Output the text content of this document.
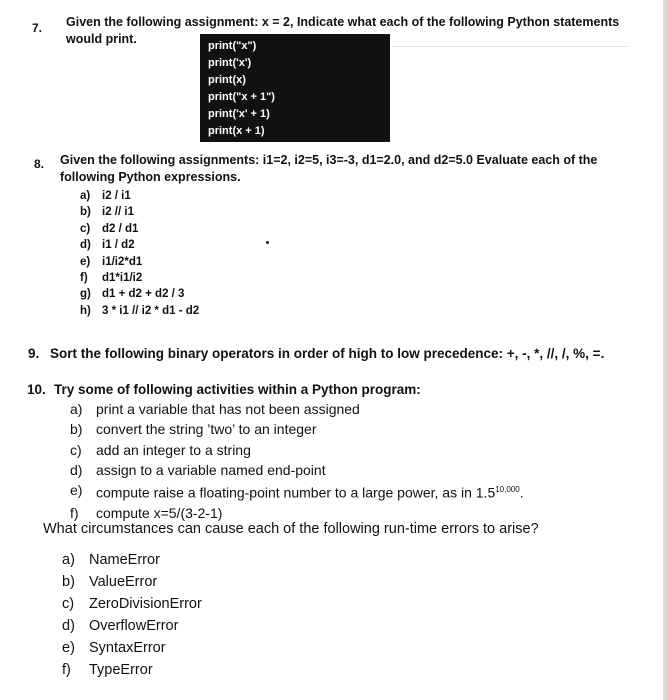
7. Given the following assignment: x = 2, Indicate what each of the following Python statements
would print.	print("x")
print('x')
print(x)
print("x + 1")
print('x' + 1)
print(x + 1)
8. Given the following assignments: i1=2, i2=5, i3=-3, d1=2.0, and d2=5.0 Evaluate each of the
following Python expressions.
a)	i2 / i1
b) i2 // i1
c)	d2 / d1
d) i1 / d2
e)	i1/i2*d1
f)	d1*i1/i2
g) d1 + d2 + d2 / 3
h) 3 * i1 // i2 * d1 - d2
9. Sort the following binary operators in order of high to low precedence: +, -, *, //, /, %, =.
10. Try some of following activities within a Python program:
a) print a variable that has not been assigned
b) convert the string ’two’ to an integer
c)	add an integer to a string
d) assign to a variable named end-point
e) compute raise a floating-point number to a large power, as in 1.5$^{10,000}$.
f)	compute x=5/(3-2-1)
What circumstances can cause each of the following run-time errors to arise?
a) NameError
b) ValueError
c)	ZeroDivisionError
d) OverflowError
e) SyntaxError
f)	TypeError
